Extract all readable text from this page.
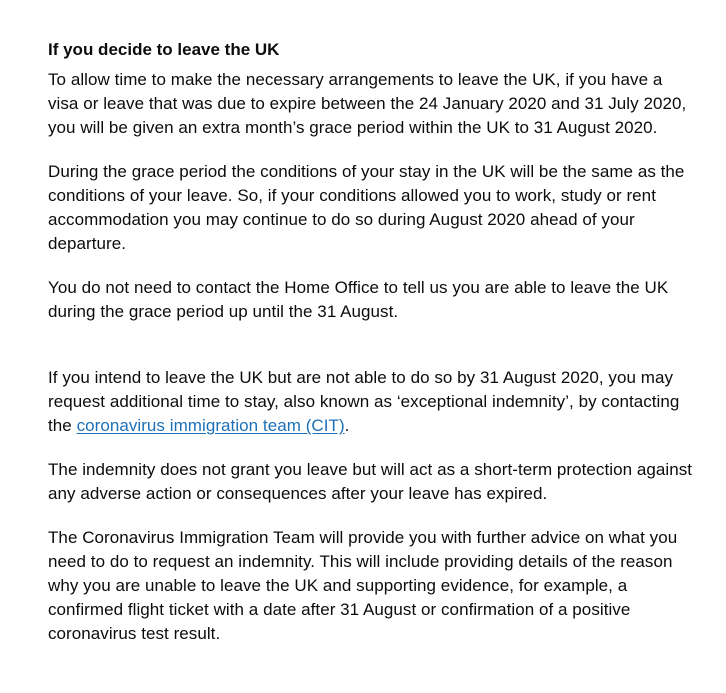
If you decide to leave the UK

To allow time to make the necessary arrangements to leave the UK, if you have a visa or leave that was due to expire between the 24 January 2020 and 31 July 2020, you will be given an extra month’s grace period within the UK to 31 August 2020.

During the grace period the conditions of your stay in the UK will be the same as the conditions of your leave. So, if your conditions allowed you to work, study or rent accommodation you may continue to do so during August 2020 ahead of your departure.

You do not need to contact the Home Office to tell us you are able to leave the UK during the grace period up until the 31 August.

If you intend to leave the UK but are not able to do so by 31 August 2020, you may request additional time to stay, also known as ‘exceptional indemnity’, by contacting the coronavirus immigration team (CIT).

The indemnity does not grant you leave but will act as a short-term protection against any adverse action or consequences after your leave has expired.

The Coronavirus Immigration Team will provide you with further advice on what you need to do to request an indemnity. This will include providing details of the reason why you are unable to leave the UK and supporting evidence, for example, a confirmed flight ticket with a date after 31 August or confirmation of a positive coronavirus test result.
